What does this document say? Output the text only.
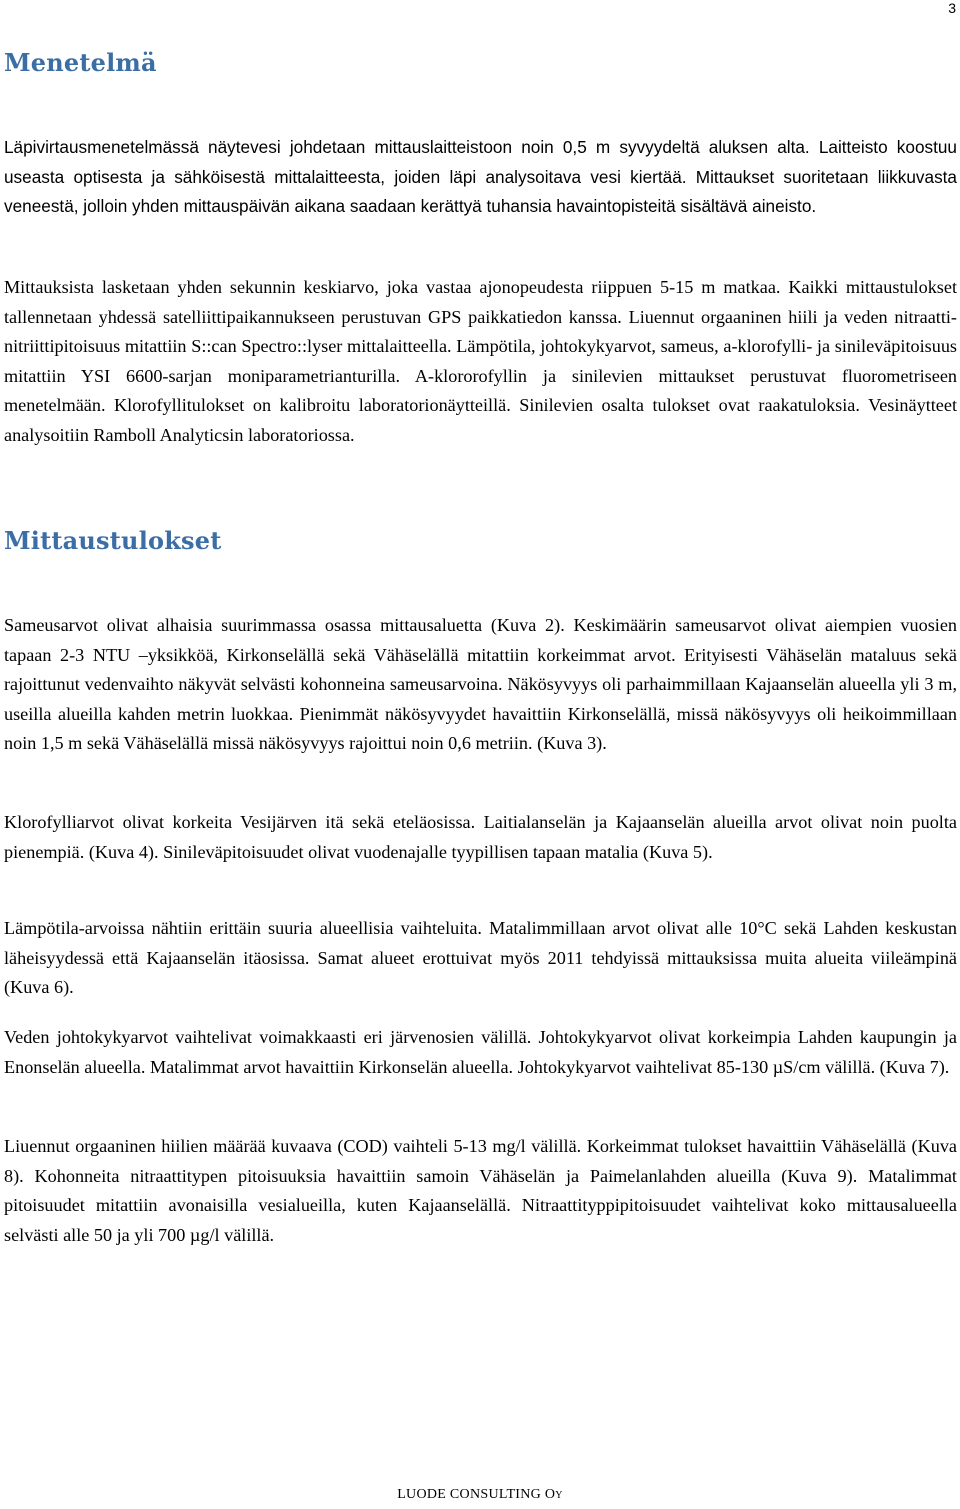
3
Menetelmä

Läpivirtausmenetelmässä näytevesi johdetaan mittauslaitteistoon noin 0,5 m syvyydeltä aluksen alta. Laitteisto koostuu useasta optisesta ja sähköisestä mittalaitteesta, joiden läpi analysoitava vesi kiertää. Mittaukset suoritetaan liikkuvasta veneestä, jolloin yhden mittauspäivän aikana saadaan kerättyä tuhansia havaintopisteitä sisältävä aineisto.

Mittauksista lasketaan yhden sekunnin keskiarvo, joka vastaa ajonopeudesta riippuen 5-15 m matkaa. Kaikki mittaustulokset tallennetaan yhdessä satelliittipaikannukseen perustuvan GPS paikkatiedon kanssa. Liuennut orgaaninen hiili ja veden nitraatti-nitriittipitoisuus mitattiin S::can Spectro::lyser mittalaitteella. Lämpötila, johtokykyarvot, sameus, a-klorofylli- ja sinileväpitoisuus mitattiin YSI 6600-sarjan moniparametrianturilla. A-klororofyllin ja sinilevien mittaukset perustuvat fluorometriseen menetelmään. Klorofyllitulokset on kalibroitu laboratorionäytteillä. Sinilevien osalta tulokset ovat raakatuloksia. Vesinäytteet analysoitiin Ramboll Analyticsin laboratoriossa.

Mittaustulokset

Sameusarvot olivat alhaisia suurimmassa osassa mittausaluetta (Kuva 2). Keskimäärin sameusarvot olivat aiempien vuosien tapaan 2-3 NTU –yksikköä, Kirkonselällä sekä Vähäselällä mitattiin korkeimmat arvot. Erityisesti Vähäselän mataluus sekä rajoittunut vedenvaihto näkyvät selvästi kohonneina sameusarvoina. Näkösyvyys oli parhaimmillaan Kajaanselän alueella yli 3 m, useilla alueilla kahden metrin luokkaa. Pienimmät näkösyvyydet havaittiin Kirkonselällä, missä näkösyvyys oli heikoimmillaan noin 1,5 m sekä Vähäselällä missä näkösyvyys rajoittui noin 0,6 metriin. (Kuva 3).

Klorofylliarvot olivat korkeita Vesijärven itä sekä eteläosissa. Laitialanselän ja Kajaanselän alueilla arvot olivat noin puolta pienempiä. (Kuva 4). Sinileväpitoisuudet olivat vuodenajalle tyypillisen tapaan matalia (Kuva 5).

Lämpötila-arvoissa nähtiin erittäin suuria alueellisia vaihteluita. Matalimmillaan arvot olivat alle 10°C sekä Lahden keskustan läheisyydessä että Kajaanselän itäosissa. Samat alueet erottuivat myös 2011 tehdyissä mittauksissa muita alueita viileämpinä (Kuva 6).

Veden johtokykyarvot vaihtelivat voimakkaasti eri järvenosien välillä. Johtokykyarvot olivat korkeimpia Lahden kaupungin ja Enonselän alueella. Matalimmat arvot havaittiin Kirkonselän alueella. Johtokykyarvot vaihtelivat 85-130 µS/cm välillä. (Kuva 7).

Liuennut orgaaninen hiilien määrää kuvaava (COD) vaihteli 5-13 mg/l välillä. Korkeimmat tulokset havaittiin Vähäselällä (Kuva 8). Kohonneita nitraattitypen pitoisuuksia havaittiin samoin Vähäselän ja Paimelanlahden alueilla (Kuva 9). Matalimmat pitoisuudet mitattiin avonaisilla vesialueilla, kuten Kajaanselällä. Nitraattityppipitoisuudet vaihtelivat koko mittausalueella selvästi alle 50 ja yli 700 µg/l välillä.

LUODE CONSULTING Oy
